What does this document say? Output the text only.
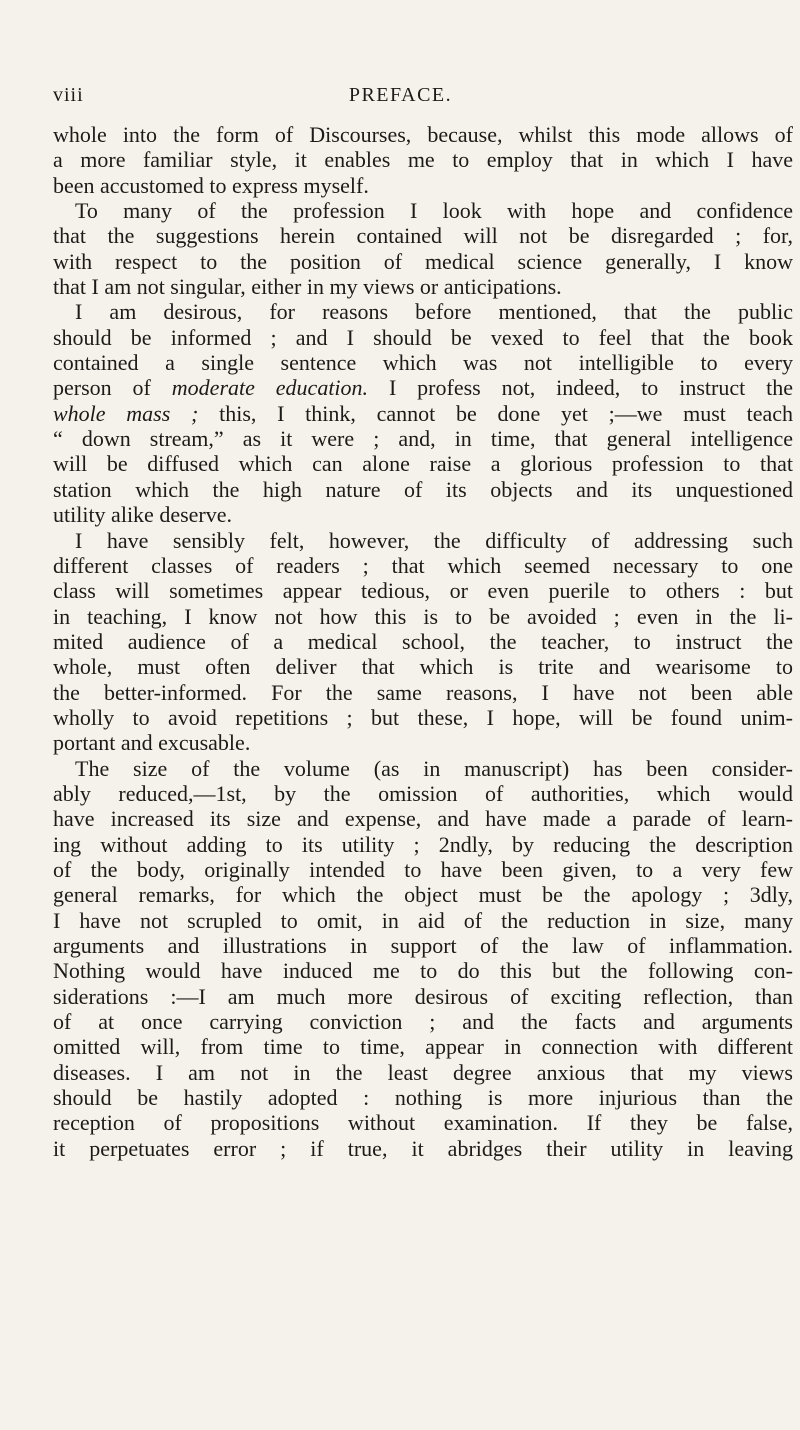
viii	PREFACE.
whole into the form of Discourses, because, whilst this mode allows of
a more familiar style, it enables me to employ that in which I have
been accustomed to express myself.
To many of the profession I look with hope and confidence
that the suggestions herein contained will not be disregarded ; for,
with respect to the position of medical science generally, I know
that I am not singular, either in my views or anticipations.
I am desirous, for reasons before mentioned, that the public
should be informed ; and I should be vexed to feel that the book
contained a single sentence which was not intelligible to every
person of moderate education. I profess not, indeed, to instruct the
whole mass ; this, I think, cannot be done yet ;—we must teach
“ down stream,” as it were ; and, in time, that general intelligence
will be diffused which can alone raise a glorious profession to that
station which the high nature of its objects and its unquestioned
utility alike deserve.
I have sensibly felt, however, the difficulty of addressing such
different classes of readers ; that which seemed necessary to one
class will sometimes appear tedious, or even puerile to others : but
in teaching, I know not how this is to be avoided ; even in the li-
mited audience of a medical school, the teacher, to instruct the
whole, must often deliver that which is trite and wearisome to
the better-informed. For the same reasons, I have not been able
wholly to avoid repetitions ; but these, I hope, will be found unim-
portant and excusable.
The size of the volume (as in manuscript) has been consider-
ably reduced,—1st, by the omission of authorities, which would
have increased its size and expense, and have made a parade of learn-
ing without adding to its utility ; 2ndly, by reducing the description
of the body, originally intended to have been given, to a very few
general remarks, for which the object must be the apology ; 3dly,
I have not scrupled to omit, in aid of the reduction in size, many
arguments and illustrations in support of the law of inflammation.
Nothing would have induced me to do this but the following con-
siderations :—I am much more desirous of exciting reflection, than
of at once carrying conviction ; and the facts and arguments
omitted will, from time to time, appear in connection with different
diseases. I am not in the least degree anxious that my views
should be hastily adopted : nothing is more injurious than the
reception of propositions without examination. If they be false,
it perpetuates error ; if true, it abridges their utility in leaving
